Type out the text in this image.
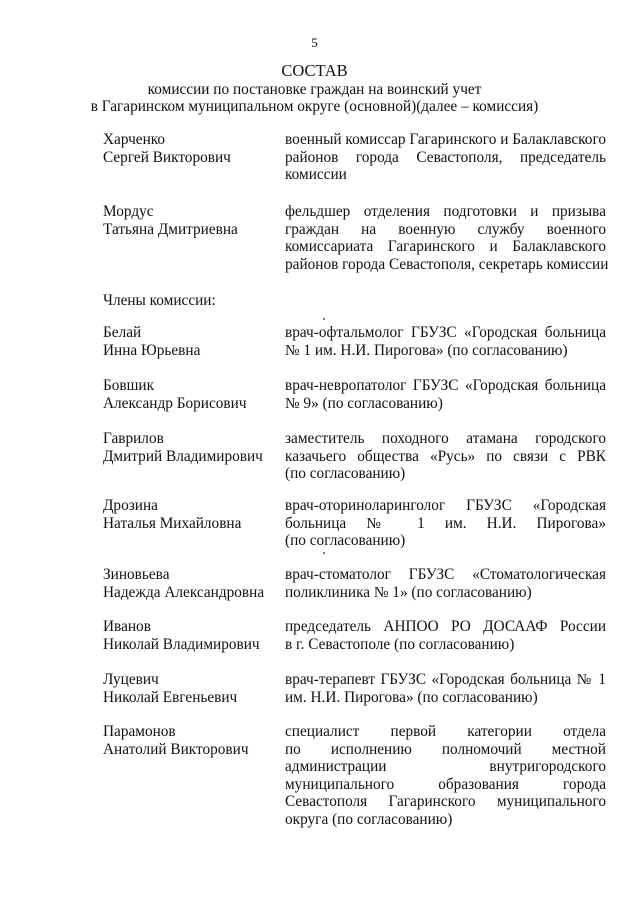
5
СОСТАВ
комиссии по постановке граждан на воинский учет
в Гагаринском муниципальном округе (основной)(далее – комиссия)
Члены комиссии:
Харченко
Сергей Викторович
военный комиссар Гагаринского и Балаклавского
районов города Севастополя, председатель
комиссии
Мордус
Татьяна Дмитриевна
фельдшер отделения подготовки и призыва
граждан на военную службу военного
комиссариата Гагаринского и Балаклавского
районов города Севастополя, секретарь комиссии
Белай
Инна Юрьевна
врач-офтальмолог ГБУЗС «Городская больница
№ 1 им. Н.И. Пирогова» (по согласованию)
Бовшик
Александр Борисович
врач-невропатолог ГБУЗС «Городская больница
№ 9» (по согласованию)
Гаврилов
Дмитрий Владимирович
заместитель походного атамана городского
казачьего общества «Русь» по связи с РВК
(по согласованию)
Дрозина
Наталья Михайловна
врач-оториноларинголог ГБУЗС «Городская
больница № 1 им. Н.И. Пирогова»
(по согласованию)
Зиновьева
Надежда Александровна
врач-стоматолог ГБУЗС «Стоматологическая
поликлиника № 1» (по согласованию)
Иванов
Николай Владимирович
председатель АНПОО РО ДОСААФ России
в г. Севастополе (по согласованию)
Луцевич
Николай Евгеньевич
врач-терапевт ГБУЗС «Городская больница № 1
им. Н.И. Пирогова» (по согласованию)
Парамонов
Анатолий Викторович
специалист первой категории отдела
по исполнению полномочий местной
администрации внутригородского
муниципального образования города
Севастополя Гагаринского муниципального
округа (по согласованию)
